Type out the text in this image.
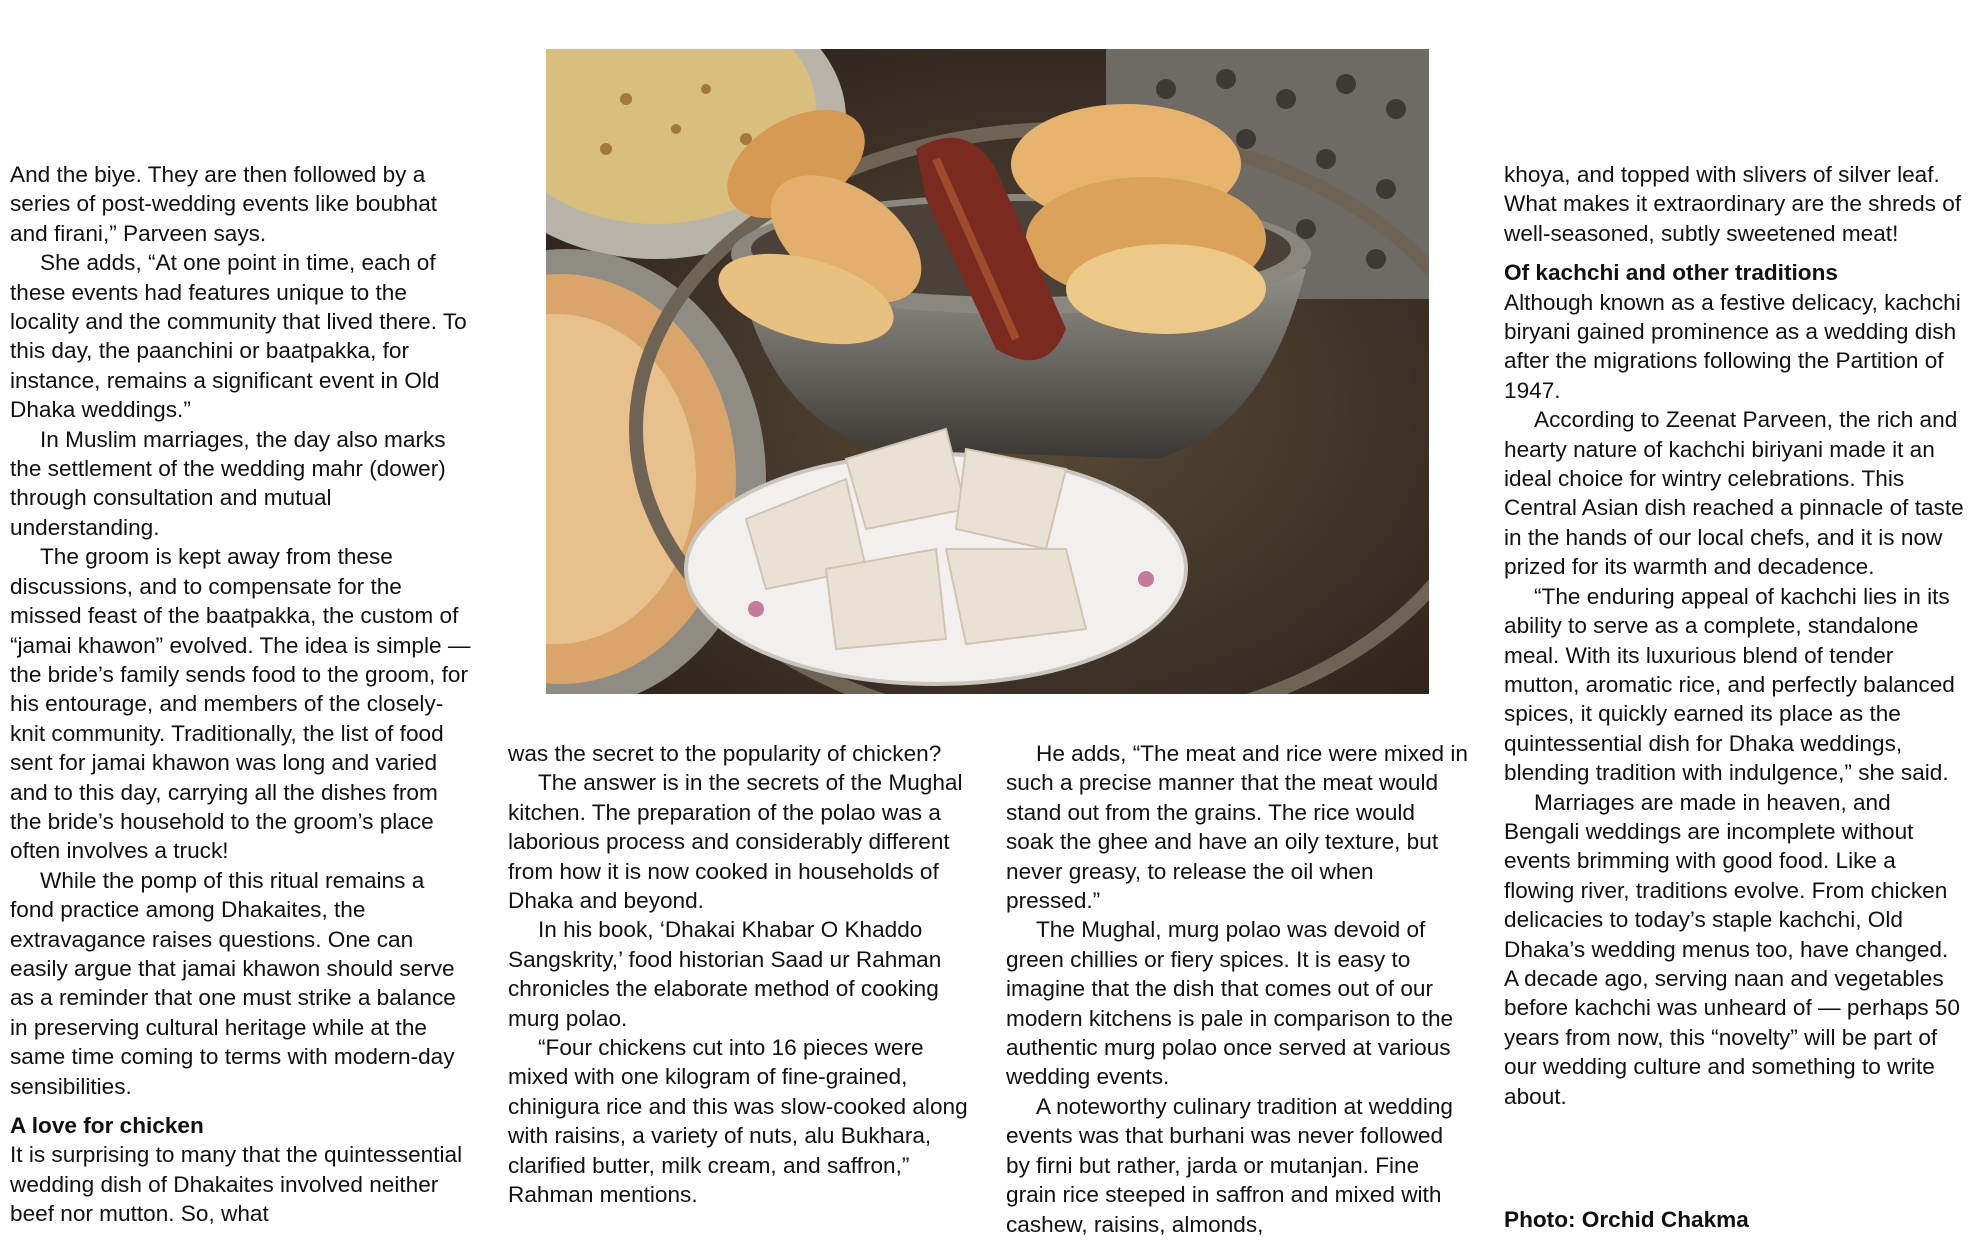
And the biye. They are then followed by a series of post-wedding events like boubhat and firani,” Parveen says.

She adds, “At one point in time, each of these events had features unique to the locality and the community that lived there. To this day, the paanchini or baatpakka, for instance, remains a significant event in Old Dhaka weddings.”

In Muslim marriages, the day also marks the settlement of the wedding mahr (dower) through consultation and mutual understanding.

The groom is kept away from these discussions, and to compensate for the missed feast of the baatpakka, the custom of “jamai khawon” evolved. The idea is simple — the bride’s family sends food to the groom, for his entourage, and members of the closely-knit community. Traditionally, the list of food sent for jamai khawon was long and varied and to this day, carrying all the dishes from the bride’s household to the groom’s place often involves a truck!

While the pomp of this ritual remains a fond practice among Dhakaites, the extravagance raises questions. One can easily argue that jamai khawon should serve as a reminder that one must strike a balance in preserving cultural heritage while at the same time coming to terms with modern-day sensibilities.

A love for chicken

It is surprising to many that the quintessential wedding dish of Dhakaites involved neither beef nor mutton. So, what

was the secret to the popularity of chicken?

The answer is in the secrets of the Mughal kitchen. The preparation of the polao was a laborious process and considerably different from how it is now cooked in households of Dhaka and beyond.

In his book, ‘Dhakai Khabar O Khaddo Sangskrity,’ food historian Saad ur Rahman chronicles the elaborate method of cooking murg polao.

“Four chickens cut into 16 pieces were mixed with one kilogram of fine-grained, chinigura rice and this was slow-cooked along with raisins, a variety of nuts, alu Bukhara, clarified butter, milk cream, and saffron,” Rahman mentions.

He adds, “The meat and rice were mixed in such a precise manner that the meat would stand out from the grains. The rice would soak the ghee and have an oily texture, but never greasy, to release the oil when pressed.”

The Mughal, murg polao was devoid of green chillies or fiery spices. It is easy to imagine that the dish that comes out of our modern kitchens is pale in comparison to the authentic murg polao once served at various wedding events.

A noteworthy culinary tradition at wedding events was that burhani was never followed by firni but rather, jarda or mutanjan. Fine grain rice steeped in saffron and mixed with cashew, raisins, almonds,

khoya, and topped with slivers of silver leaf. What makes it extraordinary are the shreds of well-seasoned, subtly sweetened meat!

Of kachchi and other traditions

Although known as a festive delicacy, kachchi biryani gained prominence as a wedding dish after the migrations following the Partition of 1947.

According to Zeenat Parveen, the rich and hearty nature of kachchi biriyani made it an ideal choice for wintry celebrations. This Central Asian dish reached a pinnacle of taste in the hands of our local chefs, and it is now prized for its warmth and decadence.

“The enduring appeal of kachchi lies in its ability to serve as a complete, standalone meal. With its luxurious blend of tender mutton, aromatic rice, and perfectly balanced spices, it quickly earned its place as the quintessential dish for Dhaka weddings, blending tradition with indulgence,” she said.

Marriages are made in heaven, and Bengali weddings are incomplete without events brimming with good food. Like a flowing river, traditions evolve. From chicken delicacies to today’s staple kachchi, Old Dhaka’s wedding menus too, have changed. A decade ago, serving naan and vegetables before kachchi was unheard of — perhaps 50 years from now, this “novelty” will be part of our wedding culture and something to write about.

Photo: Orchid Chakma
